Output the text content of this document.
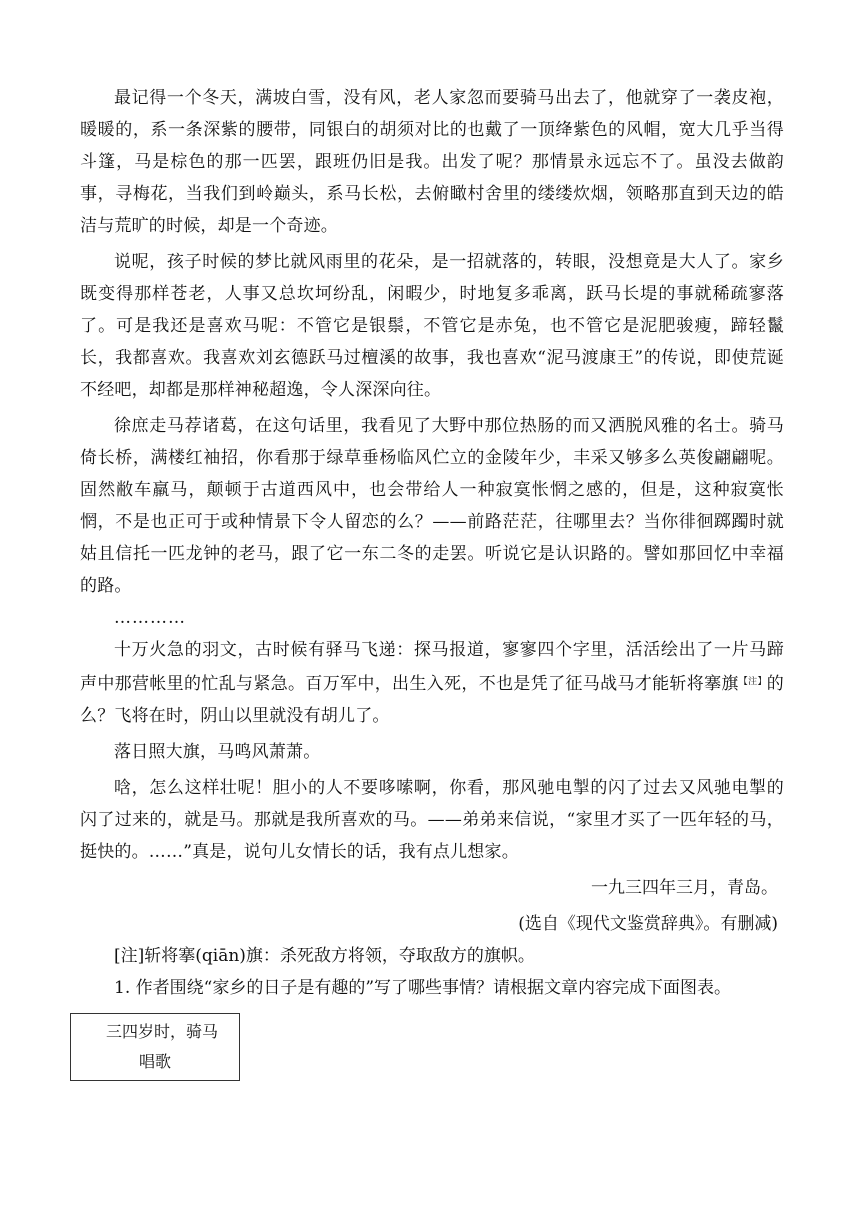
最记得一个冬天，满坡白雪，没有风，老人家忽而要骑马出去了，他就穿了一袭皮袍，暖暖的，系一条深紫的腰带，同银白的胡须对比的也戴了一顶绛紫色的风帽，宽大几乎当得斗篷，马是棕色的那一匹罢，跟班仍旧是我。出发了呢？那情景永远忘不了。虽没去做韵事，寻梅花，当我们到岭巅头，系马长松，去俯瞰村舍里的缕缕炊烟，领略那直到天边的皓洁与荒旷的时候，却是一个奇迹。

说呢，孩子时候的梦比就风雨里的花朵，是一招就落的，转眼，没想竟是大人了。家乡既变得那样苍老，人事又总坎坷纷乱，闲暇少，时地复多乖离，跃马长堤的事就稀疏寥落了。可是我还是喜欢马呢：不管它是银鬃，不管它是赤兔，也不管它是泥肥骏瘦，蹄轻鬣长，我都喜欢。我喜欢刘玄德跃马过檀溪的故事，我也喜欢“泥马渡康王”的传说，即使荒诞不经吧，却都是那样神秘超逸，令人深深向往。

徐庶走马荐诸葛，在这句话里，我看见了大野中那位热肠的而又洒脱风雅的名士。骑马倚长桥，满楼红袖招，你看那于绿草垂杨临风伫立的金陵年少，丰采又够多么英俊翩翩呢。固然敝车羸马，颠顿于古道西风中，也会带给人一种寂寞怅惘之感的，但是，这种寂寞怅惘，不是也正可于或种情景下令人留恋的么？——前路茫茫，往哪里去？当你徘徊踯躅时就姑且信托一匹龙钟的老马，跟了它一东二冬的走罢。听说它是认识路的。譬如那回忆中幸福的路。

…………

十万火急的羽文，古时候有驿马飞递：探马报道，寥寥四个字里，活活绘出了一片马蹄声中那营帐里的忙乱与紧急。百万军中，出生入死，不也是凭了征马战马才能斩将搴旗$^{【注】}$的么？飞将在时，阴山以里就没有胡儿了。

落日照大旗，马鸣风萧萧。

唅，怎么这样壮呢！胆小的人不要哆嗦啊，你看，那风驰电掣的闪了过去又风驰电掣的闪了过来的，就是马。那就是我所喜欢的马。——弟弟来信说，“家里才买了一匹年轻的马，挺快的。……”真是，说句儿女情长的话，我有点儿想家。

一九三四年三月，青岛。

(选自《现代文鉴赏辞典》。有删减)

[注]斩将搴(qiān)旗：杀死敌方将领，夺取敌方的旗帜。

1. 作者围绕“家乡的日子是有趣的”写了哪些事情？请根据文章内容完成下面图表。

三四岁时，骑马
唱歌
